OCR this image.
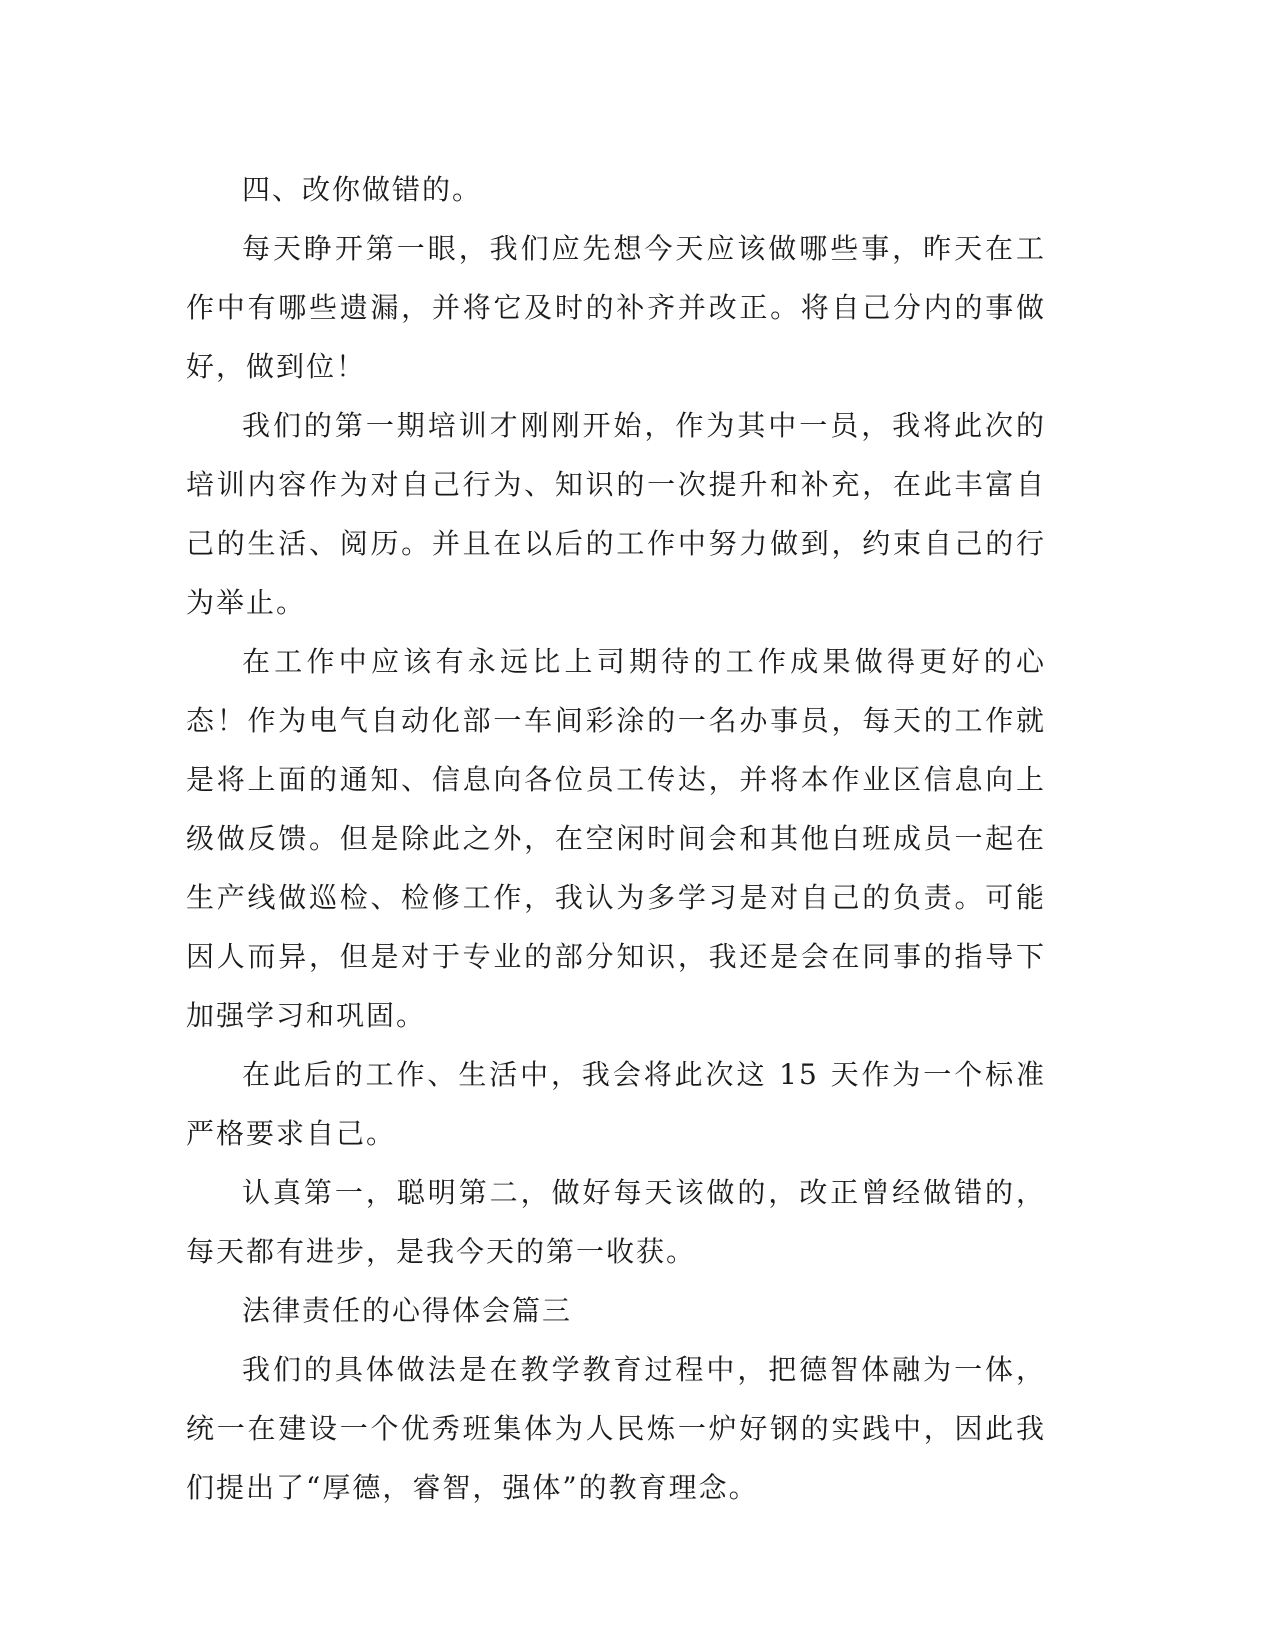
四、改你做错的。

每天睁开第一眼，我们应先想今天应该做哪些事，昨天在工作中有哪些遗漏，并将它及时的补齐并改正。将自己分内的事做好，做到位！

我们的第一期培训才刚刚开始，作为其中一员，我将此次的培训内容作为对自己行为、知识的一次提升和补充，在此丰富自己的生活、阅历。并且在以后的工作中努力做到，约束自己的行为举止。

在工作中应该有永远比上司期待的工作成果做得更好的心态！作为电气自动化部一车间彩涂的一名办事员，每天的工作就是将上面的通知、信息向各位员工传达，并将本作业区信息向上级做反馈。但是除此之外，在空闲时间会和其他白班成员一起在生产线做巡检、检修工作，我认为多学习是对自己的负责。可能因人而异，但是对于专业的部分知识，我还是会在同事的指导下加强学习和巩固。

在此后的工作、生活中，我会将此次这 15 天作为一个标准严格要求自己。

认真第一，聪明第二，做好每天该做的，改正曾经做错的，每天都有进步，是我今天的第一收获。

法律责任的心得体会篇三

我们的具体做法是在教学教育过程中，把德智体融为一体，统一在建设一个优秀班集体为人民炼一炉好钢的实践中，因此我们提出了“厚德，睿智，强体”的教育理念。
